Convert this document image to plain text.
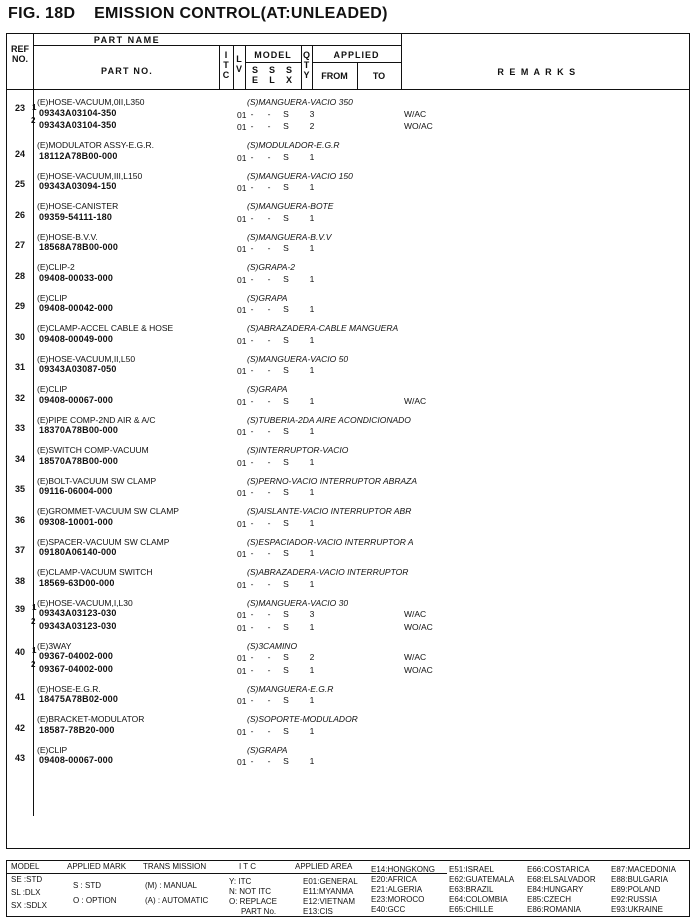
FIG. 18D EMISSION CONTROL(AT:UNLEADED)
REF
NO.
PART NAME
PART NO.
I
T
C
L
V
MODEL
S
E
S
L
S
X
Q
T
Y
APPLIED
FROM	TO	R E M A R K S
23
(E)HOSE-VACUUM,0II,L350	(S)MANGUERA-VACIO 350
1
09343A03104-350	01 -	-	S	3	W/AC
2 09343A03104-350	01 -	-	S	2	WO/AC
24
(E)MODULATOR ASSY-E.G.R.	(S)MODULADOR-E.G.R
18112A78B00-000	01 -	-	S	1
25
(E)HOSE-VACUUM,III,L150	(S)MANGUERA-VACIO 150
09343A03094-150	01 -	-	S	1
26
(E)HOSE-CANISTER	(S)MANGUERA-BOTE
09359-54111-180	01 -	-	S	1
27
(E)HOSE-B.V.V.	(S)MANGUERA-B.V.V
18568A78B00-000	01 -	-	S	1
28
(E)CLIP-2	(S)GRAPA-2
09408-00033-000	01 -	-	S	1
29
(E)CLIP	(S)GRAPA
09408-00042-000	01 -	-	S	1
30
(E)CLAMP-ACCEL CABLE & HOSE	(S)ABRAZADERA-CABLE MANGUERA
09408-00049-000	01 -	-	S	1
31
(E)HOSE-VACUUM,II,L50	(S)MANGUERA-VACIO 50
09343A03087-050	01 -	-	S	1
32
(E)CLIP	(S)GRAPA
09408-00067-000	01 -	-	S	1	W/AC
33
(E)PIPE COMP-2ND AIR & A/C	(S)TUBERIA-2DA AIRE ACONDICIONADO
18370A78B00-000	01 -	-	S	1
34
(E)SWITCH COMP-VACUUM	(S)INTERRUPTOR-VACIO
18570A78B00-000	01 -	-	S	1
35
(E)BOLT-VACUUM SW CLAMP	(S)PERNO-VACIO INTERRUPTOR ABRAZA
09116-06004-000	01 -	-	S	1
36
(E)GROMMET-VACUUM SW CLAMP	(S)AISLANTE-VACIO INTERRUPTOR ABR
09308-10001-000	01 -	-	S	1
37
(E)SPACER-VACUUM SW CLAMP	(S)ESPACIADOR-VACIO INTERRUPTOR A
09180A06140-000	01 -	-	S	1
38
(E)CLAMP-VACUUM SWITCH	(S)ABRAZADERA-VACIO INTERRUPTOR
18569-63D00-000	01 -	-	S	1
39
(E)HOSE-VACUUM,I,L30	(S)MANGUERA-VACIO 30
1
09343A03123-030	01 -	-	S	3	W/AC
2 09343A03123-030	01 -	-	S	1	WO/AC
40
(E)3WAY	(S)3CAMINO
1
09367-04002-000	01 -	-	S	2	W/AC
2 09367-04002-000	01 -	-	S	1	WO/AC
41
(E)HOSE-E.G.R.	(S)MANGUERA-E.G.R
18475A78B02-000	01 -	-	S	1
42
(E)BRACKET-MODULATOR	(S)SOPORTE-MODULADOR
18587-78B20-000	01 -	-	S	1
43
(E)CLIP	(S)GRAPA
09408-00067-000	01 -	-	S	1
MODEL	APPLIED MARK TRANS MISSION	I T C	APPLIED AREA
SE :STD
SL :DLX
SX :SDLX
S : STD
O : OPTION
(M) : MANUAL
(A) : AUTOMATIC
Y: ITC
N: NOT ITC
O: REPLACE
PART No.
E01:GENERAL
E11:MYANMA
E12:VIETNAM
E13:CIS
E14:HONGKONG
E20:AFRICA
E21:ALGERIA
E23:MOROCO
E40:GCC
E51:ISRAEL
E62:GUATEMALA
E63:BRAZIL
E64:COLOMBIA
E65:CHILLE
E66:COSTARICA
E68:ELSALVADOR
E84:HUNGARY
E85:CZECH
E86:ROMANIA
E87:MACEDONIA
E88:BULGARIA
E89:POLAND
E92:RUSSIA
E93:UKRAINE
